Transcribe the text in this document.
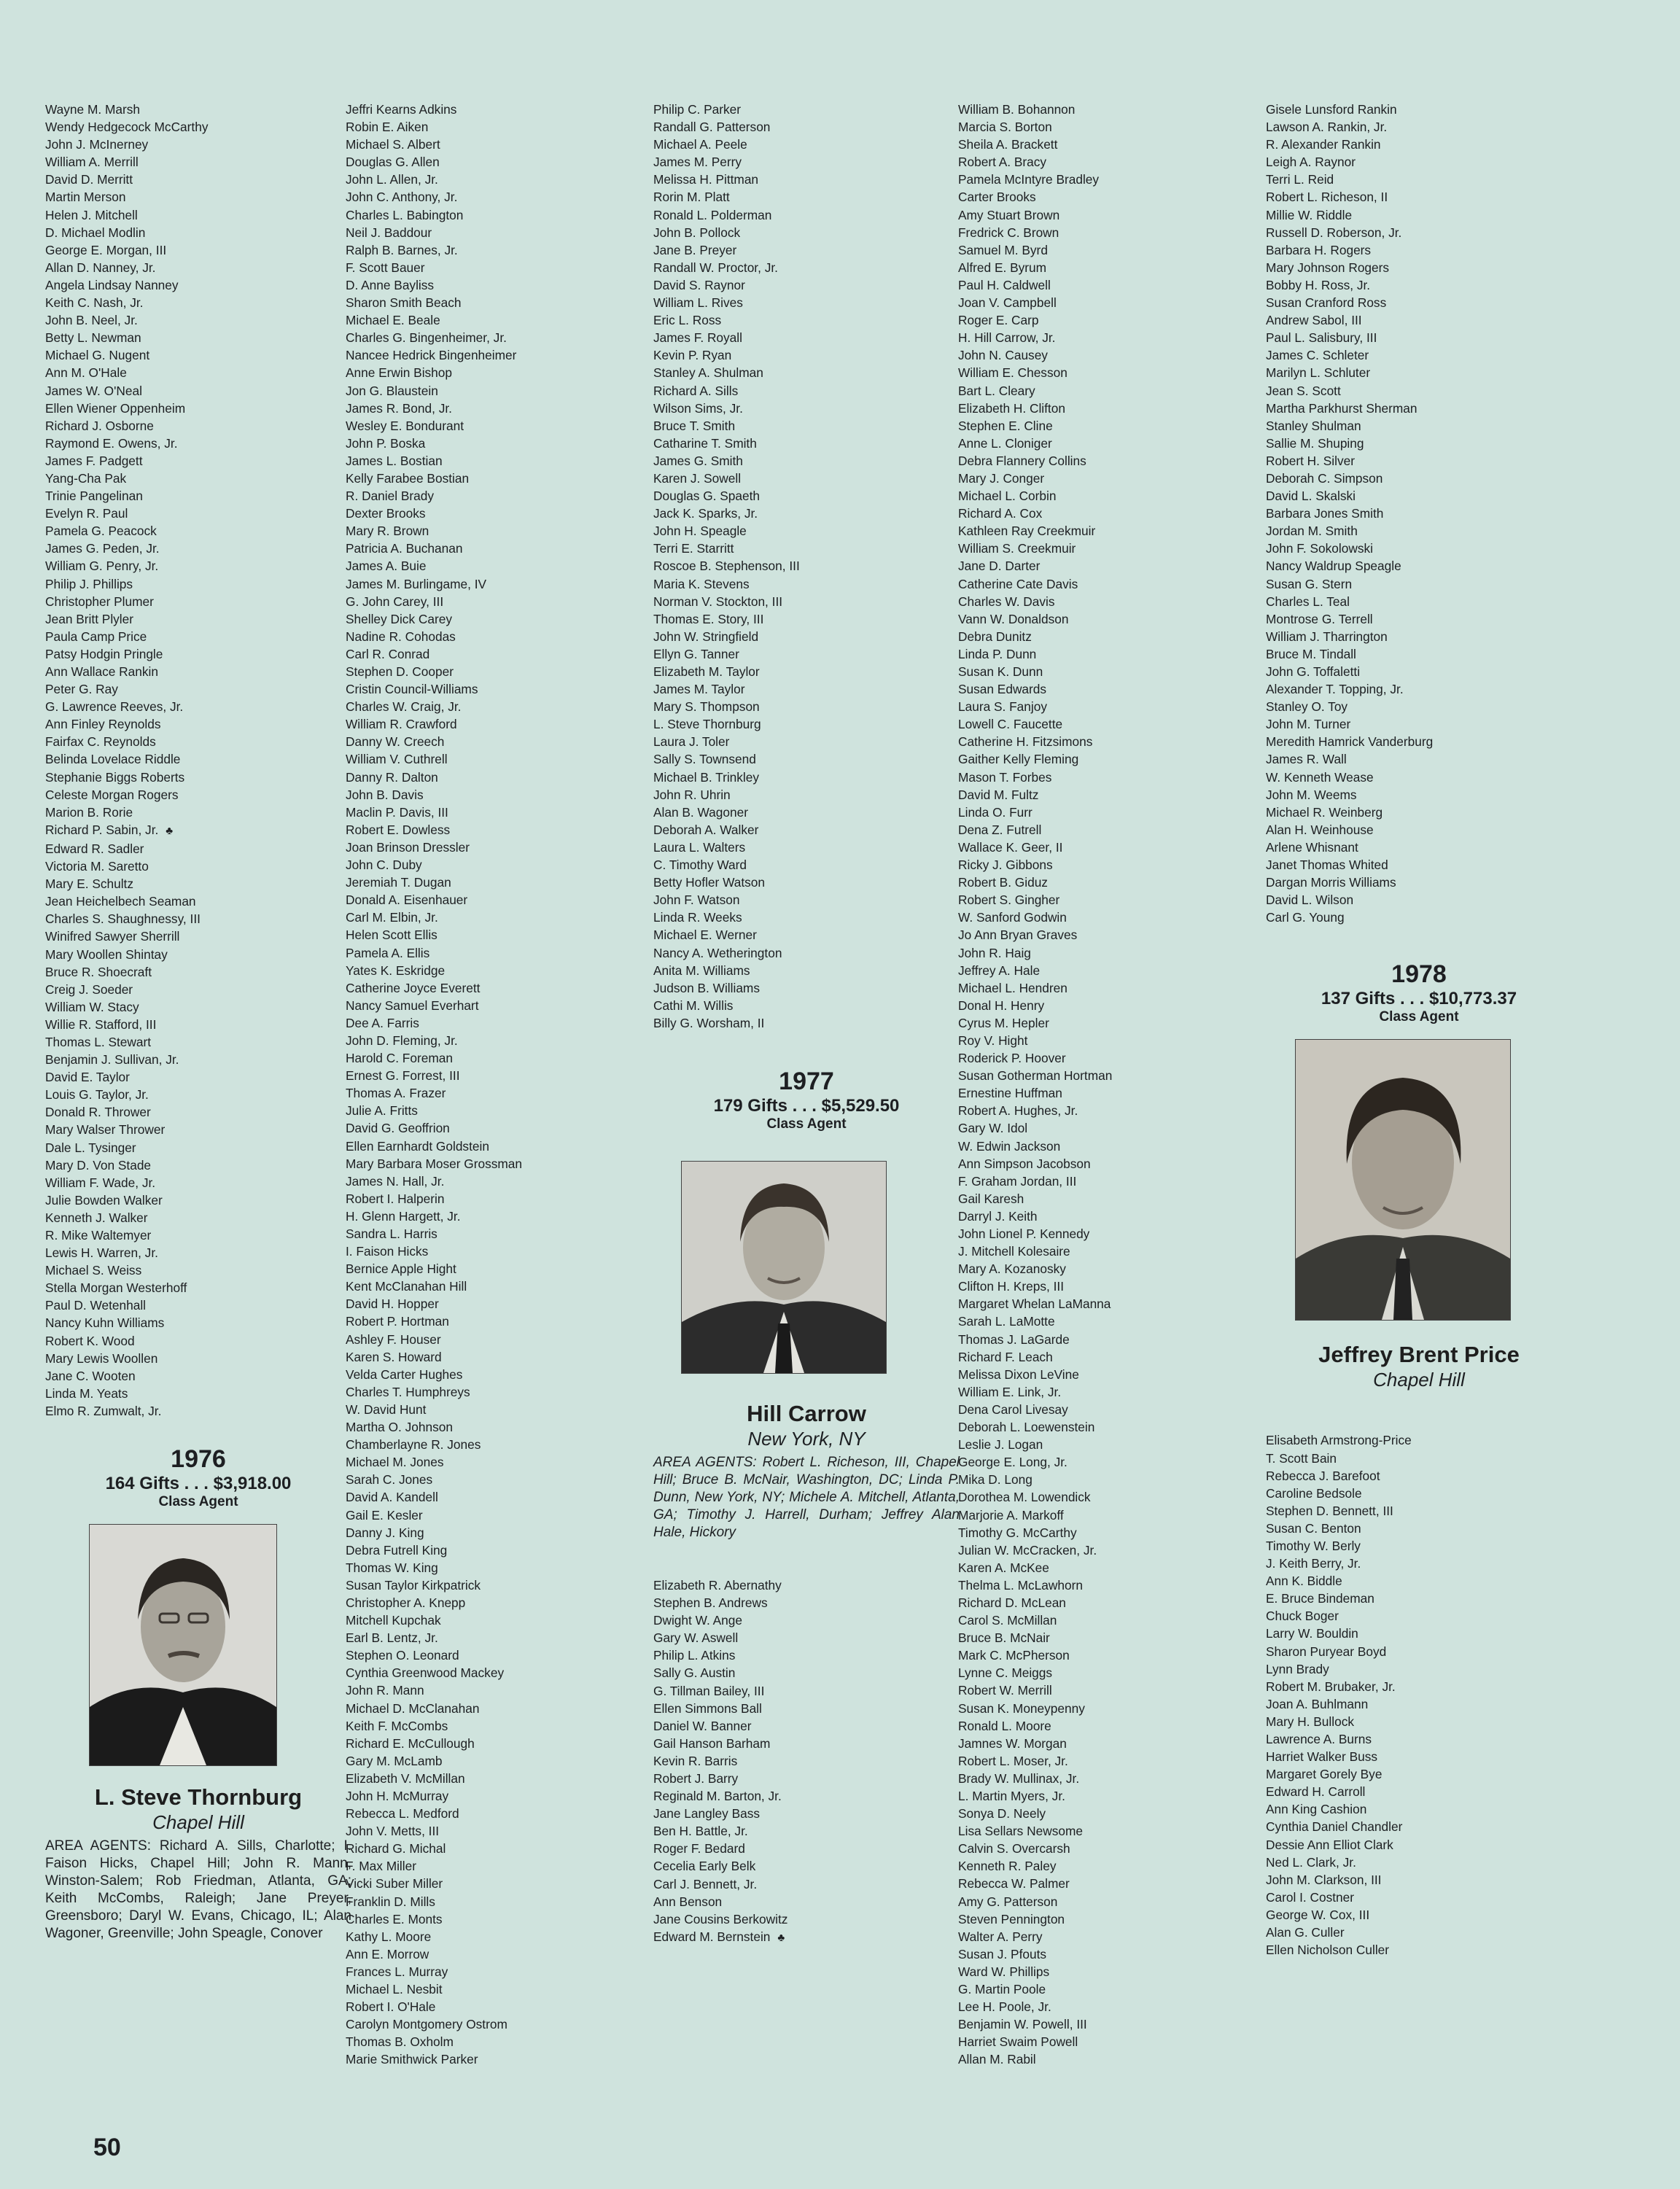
Wayne M. Marsh
Wendy Hedgecock McCarthy
John J. McInerney
William A. Merrill
David D. Merritt
Martin Merson
Helen J. Mitchell
D. Michael Modlin
George E. Morgan, III
Allan D. Nanney, Jr.
Angela Lindsay Nanney
Keith C. Nash, Jr.
John B. Neel, Jr.
Betty L. Newman
Michael G. Nugent
Ann M. O'Hale
James W. O'Neal
Ellen Wiener Oppenheim
Richard J. Osborne
Raymond E. Owens, Jr.
James F. Padgett
Yang-Cha Pak
Trinie Pangelinan
Evelyn R. Paul
Pamela G. Peacock
James G. Peden, Jr.
William G. Penry, Jr.
Philip J. Phillips
Christopher Plumer
Jean Britt Plyler
Paula Camp Price
Patsy Hodgin Pringle
Ann Wallace Rankin
Peter G. Ray
G. Lawrence Reeves, Jr.
Ann Finley Reynolds
Fairfax C. Reynolds
Belinda Lovelace Riddle
Stephanie Biggs Roberts
Celeste Morgan Rogers
Marion B. Rorie
Richard P. Sabin, Jr. ♣
Edward R. Sadler
Victoria M. Saretto
Mary E. Schultz
Jean Heichelbech Seaman
Charles S. Shaughnessy, III
Winifred Sawyer Sherrill
Mary Woollen Shintay
Bruce R. Shoecraft
Creig J. Soeder
William W. Stacy
Willie R. Stafford, III
Thomas L. Stewart
Benjamin J. Sullivan, Jr.
David E. Taylor
Louis G. Taylor, Jr.
Donald R. Thrower
Mary Walser Thrower
Dale L. Tysinger
Mary D. Von Stade
William F. Wade, Jr.
Julie Bowden Walker
Kenneth J. Walker
R. Mike Waltemyer
Lewis H. Warren, Jr.
Michael S. Weiss
Stella Morgan Westerhoff
Paul D. Wetenhall
Nancy Kuhn Williams
Robert K. Wood
Mary Lewis Woollen
Jane C. Wooten
Linda M. Yeats
Elmo R. Zumwalt, Jr.

1976

164 Gifts . . . $3,918.00

Class Agent

L. Steve Thornburg
Chapel Hill

AREA AGENTS: Richard A. Sills, Charlotte; I. Faison Hicks, Chapel Hill; John R. Mann, Winston-Salem; Rob Friedman, Atlanta, GA; Keith McCombs, Raleigh; Jane Preyer, Greensboro; Daryl W. Evans, Chicago, IL; Alan Wagoner, Greenville; John Speagle, Conover

Jeffri Kearns Adkins
Robin E. Aiken
Michael S. Albert
Douglas G. Allen
John L. Allen, Jr.
John C. Anthony, Jr.
Charles L. Babington
Neil J. Baddour
Ralph B. Barnes, Jr.
F. Scott Bauer
D. Anne Bayliss
Sharon Smith Beach
Michael E. Beale
Charles G. Bingenheimer, Jr.
Nancee Hedrick Bingenheimer
Anne Erwin Bishop
Jon G. Blaustein
James R. Bond, Jr.
Wesley E. Bondurant
John P. Boska
James L. Bostian
Kelly Farabee Bostian
R. Daniel Brady
Dexter Brooks
Mary R. Brown
Patricia A. Buchanan
James A. Buie
James M. Burlingame, IV
G. John Carey, III
Shelley Dick Carey
Nadine R. Cohodas
Carl R. Conrad
Stephen D. Cooper
Cristin Council-Williams
Charles W. Craig, Jr.
William R. Crawford
Danny W. Creech
William V. Cuthrell
Danny R. Dalton
John B. Davis
Maclin P. Davis, III
Robert E. Dowless
Joan Brinson Dressler
John C. Duby
Jeremiah T. Dugan
Donald A. Eisenhauer
Carl M. Elbin, Jr.
Helen Scott Ellis
Pamela A. Ellis
Yates K. Eskridge
Catherine Joyce Everett
Nancy Samuel Everhart
Dee A. Farris
John D. Fleming, Jr.
Harold C. Foreman
Ernest G. Forrest, III
Thomas A. Frazer
Julie A. Fritts
David G. Geoffrion
Ellen Earnhardt Goldstein
Mary Barbara Moser Grossman
James N. Hall, Jr.
Robert I. Halperin
H. Glenn Hargett, Jr.
Sandra L. Harris
I. Faison Hicks
Bernice Apple Hight
Kent McClanahan Hill
David H. Hopper
Robert P. Hortman
Ashley F. Houser
Karen S. Howard
Velda Carter Hughes
Charles T. Humphreys
W. David Hunt
Martha O. Johnson
Chamberlayne R. Jones
Michael M. Jones
Sarah C. Jones
David A. Kandell
Gail E. Kesler
Danny J. King
Debra Futrell King
Thomas W. King
Susan Taylor Kirkpatrick
Christopher A. Knepp
Mitchell Kupchak
Earl B. Lentz, Jr.
Stephen O. Leonard
Cynthia Greenwood Mackey
John R. Mann
Michael D. McClanahan
Keith F. McCombs
Richard E. McCullough
Gary M. McLamb
Elizabeth V. McMillan
John H. McMurray
Rebecca L. Medford
John V. Metts, III
Richard G. Michal
F. Max Miller
Vicki Suber Miller
Franklin D. Mills
Charles E. Monts
Kathy L. Moore
Ann E. Morrow
Frances L. Murray
Michael L. Nesbit
Robert I. O'Hale
Carolyn Montgomery Ostrom
Thomas B. Oxholm
Marie Smithwick Parker
Philip C. Parker
Randall G. Patterson
Michael A. Peele
James M. Perry
Melissa H. Pittman
Rorin M. Platt
Ronald L. Polderman
John B. Pollock
Jane B. Preyer
Randall W. Proctor, Jr.
David S. Raynor
William L. Rives
Eric L. Ross
James F. Royall
Kevin P. Ryan
Stanley A. Shulman
Richard A. Sills
Wilson Sims, Jr.
Bruce T. Smith
Catharine T. Smith
James G. Smith
Karen J. Sowell
Douglas G. Spaeth
Jack K. Sparks, Jr.
John H. Speagle
Terri E. Starritt
Roscoe B. Stephenson, III
Maria K. Stevens
Norman V. Stockton, III
Thomas E. Story, III
John W. Stringfield
Ellyn G. Tanner
Elizabeth M. Taylor
James M. Taylor
Mary S. Thompson
L. Steve Thornburg
Laura J. Toler
Sally S. Townsend
Michael B. Trinkley
John R. Uhrin
Alan B. Wagoner
Deborah A. Walker
Laura L. Walters
C. Timothy Ward
Betty Hofler Watson
John F. Watson
Linda R. Weeks
Michael E. Werner
Nancy A. Wetherington
Anita M. Williams
Judson B. Williams
Cathi M. Willis
Billy G. Worsham, II

1977

179 Gifts . . . $5,529.50

Class Agent

Hill Carrow
New York, NY

AREA AGENTS: Robert L. Richeson, III, Chapel Hill; Bruce B. McNair, Washington, DC; Linda P. Dunn, New York, NY; Michele A. Mitchell, Atlanta, GA; Timothy J. Harrell, Durham; Jeffrey Alan Hale, Hickory

Elizabeth R. Abernathy
Stephen B. Andrews
Dwight W. Ange
Gary W. Aswell
Philip L. Atkins
Sally G. Austin
G. Tillman Bailey, III
Ellen Simmons Ball
Daniel W. Banner
Gail Hanson Barham
Kevin R. Barris
Robert J. Barry
Reginald M. Barton, Jr.
Jane Langley Bass
Ben H. Battle, Jr.
Roger F. Bedard
Cecelia Early Belk
Carl J. Bennett, Jr.
Ann Benson
Jane Cousins Berkowitz
Edward M. Bernstein ♣
William B. Bohannon
Marcia S. Borton
Sheila A. Brackett
Robert A. Bracy
Pamela McIntyre Bradley
Carter Brooks
Amy Stuart Brown
Fredrick C. Brown
Samuel M. Byrd
Alfred E. Byrum
Paul H. Caldwell
Joan V. Campbell
Roger E. Carp
H. Hill Carrow, Jr.
John N. Causey
William E. Chesson
Bart L. Cleary
Elizabeth H. Clifton
Stephen E. Cline
Anne L. Cloniger
Debra Flannery Collins
Mary J. Conger
Michael L. Corbin
Richard A. Cox
Kathleen Ray Creekmuir
William S. Creekmuir
Jane D. Darter
Catherine Cate Davis
Charles W. Davis
Vann W. Donaldson
Debra Dunitz
Linda P. Dunn
Susan K. Dunn
Susan Edwards
Laura S. Fanjoy
Lowell C. Faucette
Catherine H. Fitzsimons
Gaither Kelly Fleming
Mason T. Forbes
David M. Fultz
Linda O. Furr
Dena Z. Futrell
Wallace K. Geer, II
Ricky J. Gibbons
Robert B. Giduz
Robert S. Gingher
W. Sanford Godwin
Jo Ann Bryan Graves
John R. Haig
Jeffrey A. Hale
Michael L. Hendren
Donal H. Henry
Cyrus M. Hepler
Roy V. Hight
Roderick P. Hoover
Susan Gotherman Hortman
Ernestine Huffman
Robert A. Hughes, Jr.
Gary W. Idol
W. Edwin Jackson
Ann Simpson Jacobson
F. Graham Jordan, III
Gail Karesh
Darryl J. Keith
John Lionel P. Kennedy
J. Mitchell Kolesaire
Mary A. Kozanosky
Clifton H. Kreps, III
Margaret Whelan LaManna
Sarah L. LaMotte
Thomas J. LaGarde
Richard F. Leach
Melissa Dixon LeVine
William E. Link, Jr.
Dena Carol Livesay
Deborah L. Loewenstein
Leslie J. Logan
George E. Long, Jr.
Mika D. Long
Dorothea M. Lowendick
Marjorie A. Markoff
Timothy G. McCarthy
Julian W. McCracken, Jr.
Karen A. McKee
Thelma L. McLawhorn
Richard D. McLean
Carol S. McMillan
Bruce B. McNair
Mark C. McPherson
Lynne C. Meiggs
Robert W. Merrill
Susan K. Moneypenny
Ronald L. Moore
Jamnes W. Morgan
Robert L. Moser, Jr.
Brady W. Mullinax, Jr.
L. Martin Myers, Jr.
Sonya D. Neely
Lisa Sellars Newsome
Calvin S. Overcarsh
Kenneth R. Paley
Rebecca W. Palmer
Amy G. Patterson
Steven Pennington
Walter A. Perry
Susan J. Pfouts
Ward W. Phillips
G. Martin Poole
Lee H. Poole, Jr.
Benjamin W. Powell, III
Harriet Swaim Powell
Allan M. Rabil
Gisele Lunsford Rankin
Lawson A. Rankin, Jr.
R. Alexander Rankin
Leigh A. Raynor
Terri L. Reid
Robert L. Richeson, II
Millie W. Riddle
Russell D. Roberson, Jr.
Barbara H. Rogers
Mary Johnson Rogers
Bobby H. Ross, Jr.
Susan Cranford Ross
Andrew Sabol, III
Paul L. Salisbury, III
James C. Schleter
Marilyn L. Schluter
Jean S. Scott
Martha Parkhurst Sherman
Stanley Shulman
Sallie M. Shuping
Robert H. Silver
Deborah C. Simpson
David L. Skalski
Barbara Jones Smith
Jordan M. Smith
John F. Sokolowski
Nancy Waldrup Speagle
Susan G. Stern
Charles L. Teal
Montrose G. Terrell
William J. Tharrington
Bruce M. Tindall
John G. Toffaletti
Alexander T. Topping, Jr.
Stanley O. Toy
John M. Turner
Meredith Hamrick Vanderburg
James R. Wall
W. Kenneth Wease
John M. Weems
Michael R. Weinberg
Alan H. Weinhouse
Arlene Whisnant
Janet Thomas Whited
Dargan Morris Williams
David L. Wilson
Carl G. Young

1978

137 Gifts . . . $10,773.37

Class Agent

Jeffrey Brent Price
Chapel Hill
Elisabeth Armstrong-Price
T. Scott Bain
Rebecca J. Barefoot
Caroline Bedsole
Stephen D. Bennett, III
Susan C. Benton
Timothy W. Berly
J. Keith Berry, Jr.
Ann K. Biddle
E. Bruce Bindeman
Chuck Boger
Larry W. Bouldin
Sharon Puryear Boyd
Lynn Brady
Robert M. Brubaker, Jr.
Joan A. Buhlmann
Mary H. Bullock
Lawrence A. Burns
Harriet Walker Buss
Margaret Gorely Bye
Edward H. Carroll
Ann King Cashion
Cynthia Daniel Chandler
Dessie Ann Elliot Clark
Ned L. Clark, Jr.
John M. Clarkson, III
Carol I. Costner
George W. Cox, III
Alan G. Culler
Ellen Nicholson Culler
50
